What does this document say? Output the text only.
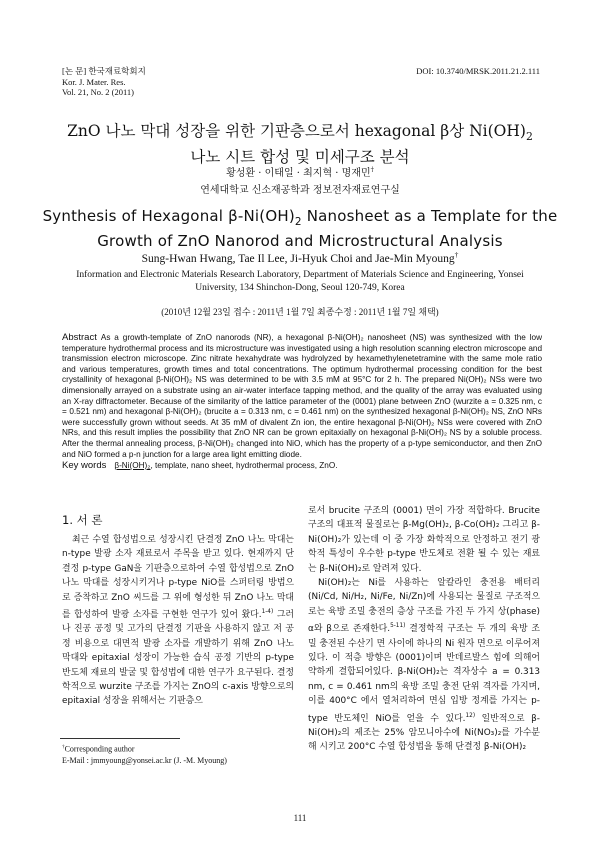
[논 문] 한국재료학회지
Kor. J. Mater. Res.
Vol. 21, No. 2 (2011)
DOI: 10.3740/MRSK.2011.21.2.111
ZnO 나노 막대 성장을 위한 기판층으로서 hexagonal β상 $Ni(OH)_2$
나노 시트 합성 및 미세구조 분석
황성환 · 이태일 · 최지혁 · 명재민†
연세대학교 신소재공학과 정보전자재료연구실
Synthesis of Hexagonal $\beta-Ni(OH)_2$ Nanosheet as a Template for the
Growth of ZnO Nanorod and Microstructural Analysis
Sung-Hwan Hwang, Tae Il Lee, Ji-Hyuk Choi and Jae-Min Myoung†
Information and Electronic Materials Research Laboratory, Department of Materials Science and Engineering, Yonsei University, 134 Shinchon-Dong, Seoul 120-749, Korea
(2010년 12월 23일 접수 : 2011년 1월 7일 최종수정 : 2011년 1월 7일 채택)
Abstract As a growth-template of ZnO nanorods (NR), a hexagonal β-Ni(OH)₂ nanosheet (NS) was synthesized with the low temperature hydrothermal process and its microstructure was investigated using a high resolution scanning electron microscope and transmission electron microscope. Zinc nitrate hexahydrate was hydrolyzed by hexamethylenetetramine with the same mole ratio and various temperatures, growth times and total concentrations. The optimum hydrothermal processing condition for the best crystallinity of hexagonal β-Ni(OH)₂ NS was determined to be with 3.5 mM at 95°C for 2 h. The prepared Ni(OH)₂ NSs were two dimensionally arrayed on a substrate using an air-water interface tapping method, and the quality of the array was evaluated using an X-ray diffractometer. Because of the similarity of the lattice parameter of the (0001) plane between ZnO (wurzite a = 0.325 nm, c = 0.521 nm) and hexagonal β-Ni(OH)₂ (brucite a = 0.313 nm, c = 0.461 nm) on the synthesized hexagonal β-Ni(OH)₂ NS, ZnO NRs were successfully grown without seeds. At 35 mM of divalent Zn ion, the entire hexagonal β-Ni(OH)₂ NSs were covered with ZnO NRs, and this result implies the possibility that ZnO NR can be grown epitaxially on hexagonal β-Ni(OH)₂ NS by a soluble process. After the thermal annealing process, β-Ni(OH)₂ changed into NiO, which has the property of a p-type semiconductor, and then ZnO and NiO formed a p-n junction for a large area light emitting diode.
Key words β-Ni(OH)₂, template, nano sheet, hydrothermal process, ZnO.
1. 서 론

최근 수열 합성법으로 성장시킨 단결정 ZnO 나노 막대는 n-type 발광 소자 재료로서 주목을 받고 있다. 현재까지 단결정 p-type GaN을 기판층으로하여 수열 합성법으로 ZnO 나노 막대를 성장시키거나 p-type NiO를 스퍼터링 방법으로 증착하고 ZnO 씨드를 그 위에 형성한 뒤 ZnO 나노 막대를 합성하여 발광 소자를 구현한 연구가 있어 왔다.$^{1-4)}$ 그러나 진공 공정 및 고가의 단결정 기판을 사용하지 않고 저 공정 비용으로 대면적 발광 소자를 개발하기 위해 ZnO 나노 막대와 epitaxial 성장이 가능한 습식 공정 기반의 p-type 반도체 재료의 발굴 및 합성법에 대한 연구가 요구된다. 결정학적으로 wurzite 구조를 가지는 ZnO의 c-axis 방향으로의 epitaxial 성장을 위해서는 기판층으

†Corresponding author
E-Mail : jmmyoung@yonsei.ac.kr (J. -M. Myoung)

로서 brucite 구조의 (0001) 면이 가장 적합하다. Brucite 구조의 대표적 물질로는 β-Mg(OH)₂, β-Co(OH)₂ 그리고 β-Ni(OH)₂가 있는데 이 중 가장 화학적으로 안정하고 전기 광학적 특성이 우수한 p-type 반도체로 전환 될 수 있는 재료는 β-Ni(OH)₂로 알려져 있다.

Ni(OH)₂는 Ni를 사용하는 알칼라인 충전용 배터리(Ni/Cd, Ni/H₂, Ni/Fe, Ni/Zn)에 사용되는 물질로 구조적으로는 육방 조밀 충전의 층상 구조를 가진 두 가지 상(phase) α와 β으로 존재한다.$^{5-11)}$ 결정학적 구조는 두 개의 육방 조밀 충전된 수산기 면 사이에 하나의 Ni 원자 면으로 이루어져 있다. 이 적층 방향은 (0001)이며 반데르발스 힘에 의해어 약하게 결합되어있다. β-Ni(OH)₂는 격자상수 a = 0.313 nm, c = 0.461 nm의 육방 조밀 충전 단위 격자를 가지며, 이를 400°C 에서 열처리하여 면심 입방 정계를 가지는 p-type 반도체인 NiO를 얻을 수 있다.$^{12)}$ 일반적으로 β-Ni(OH)₂의 제조는 25% 암모니아수에 Ni(NO₃)₂를 가수분해 시키고 200°C 수열 합성법을 통해 단결정 β-Ni(OH)₂

111
